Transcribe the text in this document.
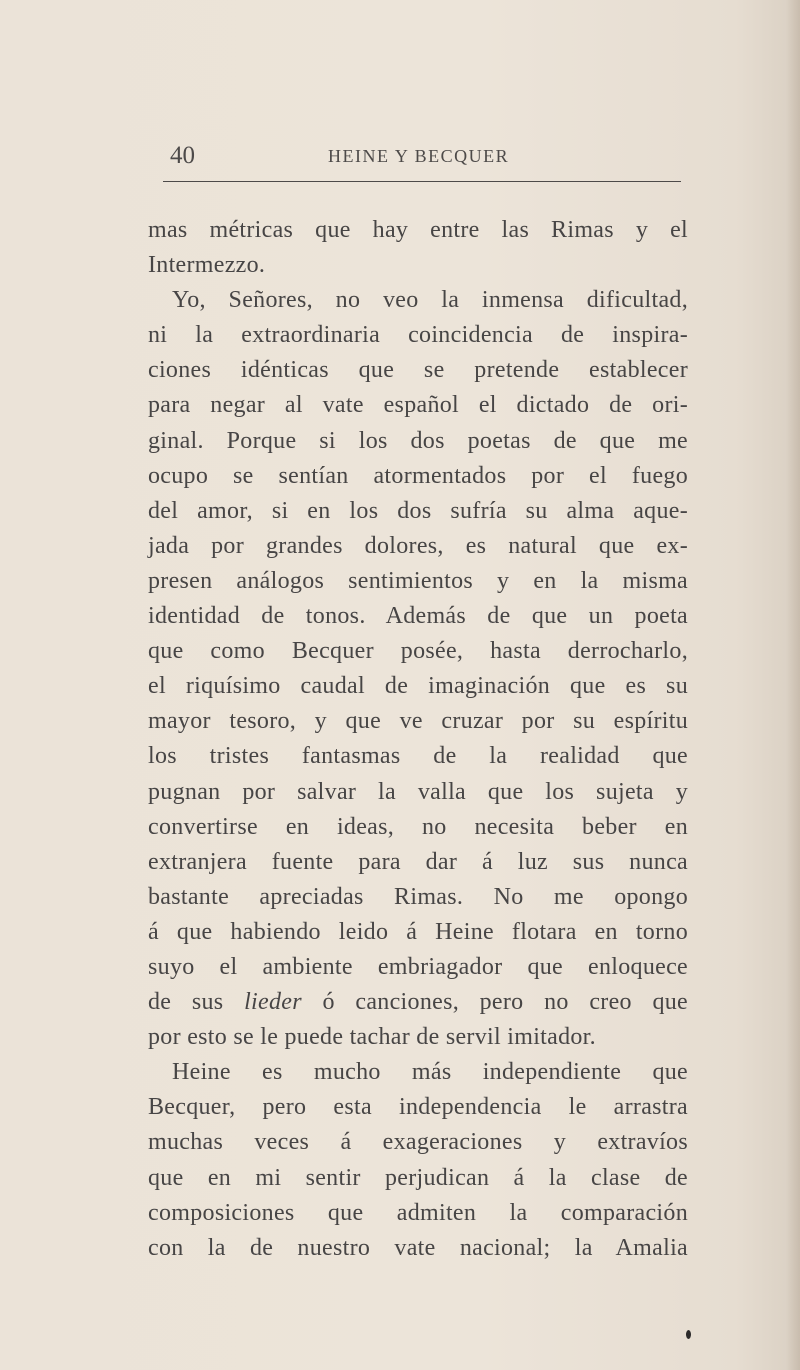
40	HEINE Y BECQUER
mas métricas que hay entre las Rimas y el
Intermezzo.
Yo, Señores, no veo la inmensa dificultad,
ni la extraordinaria coincidencia de inspira-
ciones idénticas que se pretende establecer
para negar al vate español el dictado de ori-
ginal. Porque si los dos poetas de que me
ocupo se sentían atormentados por el fuego
del amor, si en los dos sufría su alma aque-
jada por grandes dolores, es natural que ex-
presen análogos sentimientos y en la misma
identidad de tonos. Además de que un poeta
que como Becquer posée, hasta derrocharlo,
el riquísimo caudal de imaginación que es su
mayor tesoro, y que ve cruzar por su espíritu
los tristes fantasmas de la realidad que
pugnan por salvar la valla que los sujeta y
convertirse en ideas, no necesita beber en
extranjera fuente para dar á luz sus nunca
bastante apreciadas Rimas. No me opongo
á que habiendo leido á Heine flotara en torno
suyo el ambiente embriagador que enloquece
de sus lieder ó canciones, pero no creo que
por esto se le puede tachar de servil imitador.
Heine es mucho más independiente que
Becquer, pero esta independencia le arrastra
muchas veces á exageraciones y extravíos
que en mi sentir perjudican á la clase de
composiciones que admiten la comparación
con la de nuestro vate nacional; la Amalia
